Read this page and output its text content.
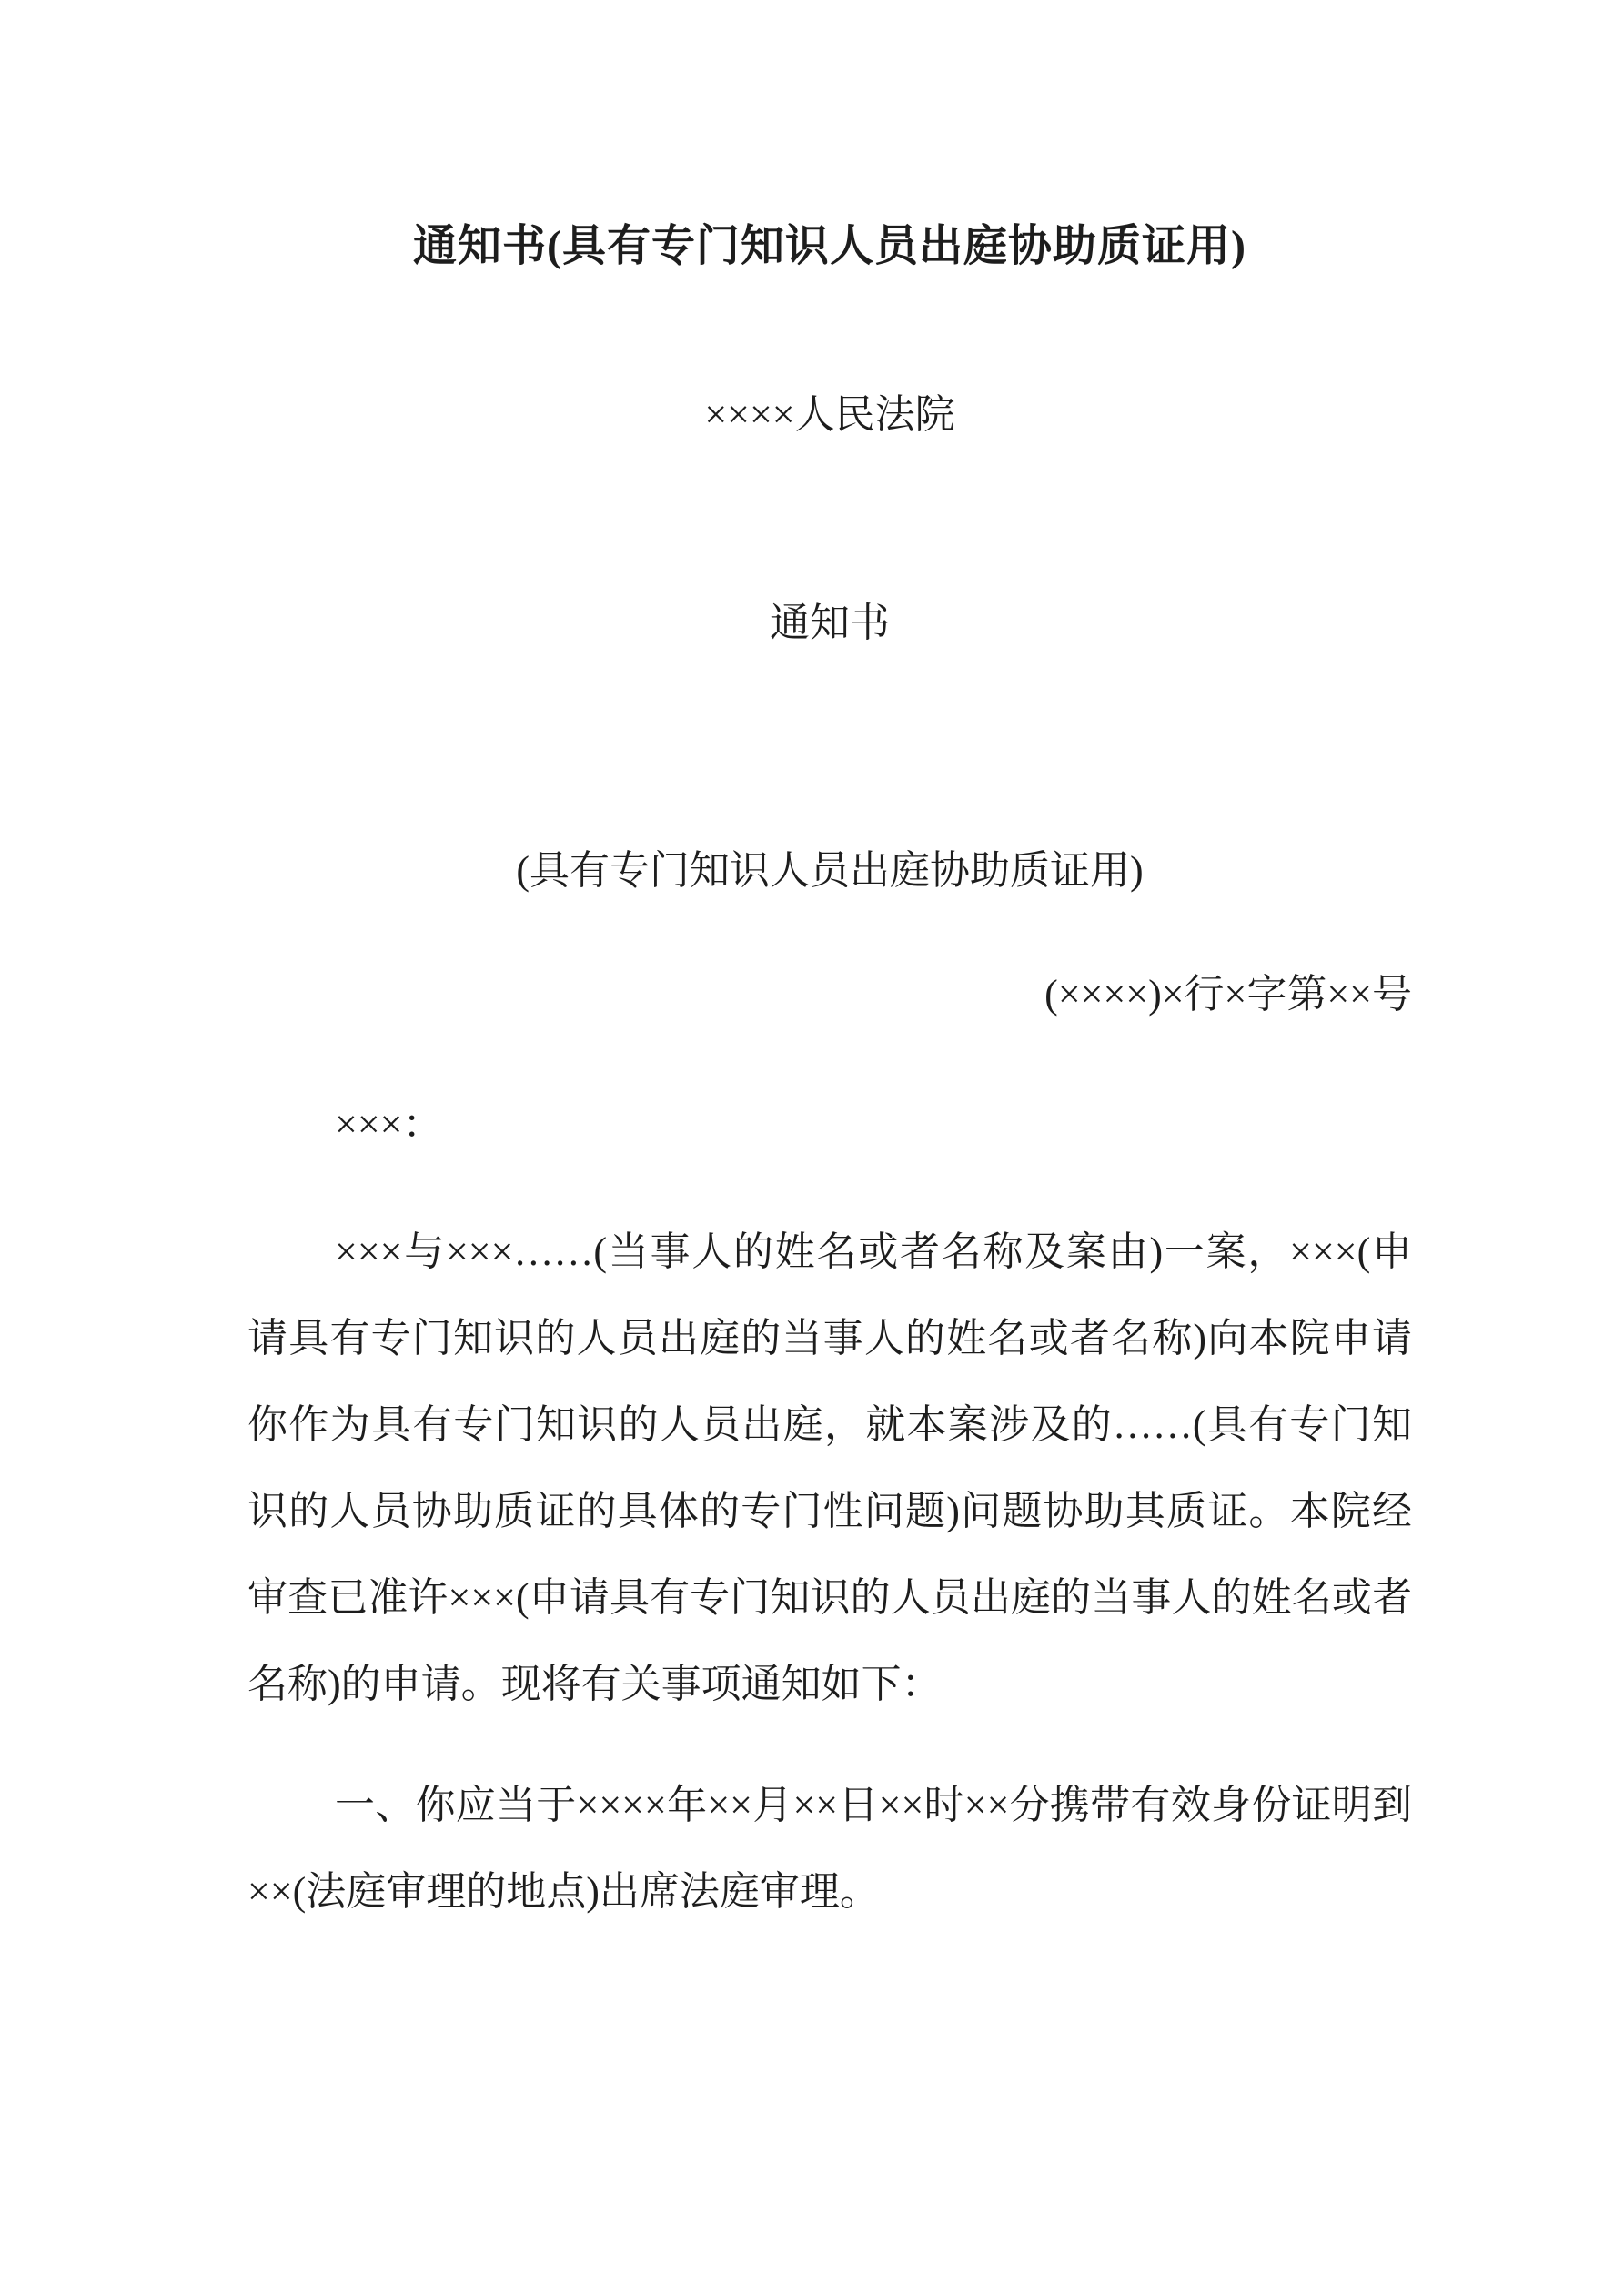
通知书(具有专门知识人员出庭协助质证用)
××××人民法院
通知书
(具有专门知识人员出庭协助质证用)
(××××)×行×字第××号
×××：

×××与×××……(当事人的姓名或者名称及案由)一案，×××(申请具有专门知识的人员出庭的当事人的姓名或者名称)向本院申请你作为具有专门知识的人员出庭，就本案涉及的……(具有专门知识的人员协助质证的具体的专门性问题)问题协助其质证。本院经审查已准许×××(申请具有专门知识的人员出庭的当事人的姓名或者名称)的申请。现将有关事项通知如下：

一、你应当于××××年××月××日××时××分携带有效身份证明到××(法庭审理的地点)出席法庭审理。
